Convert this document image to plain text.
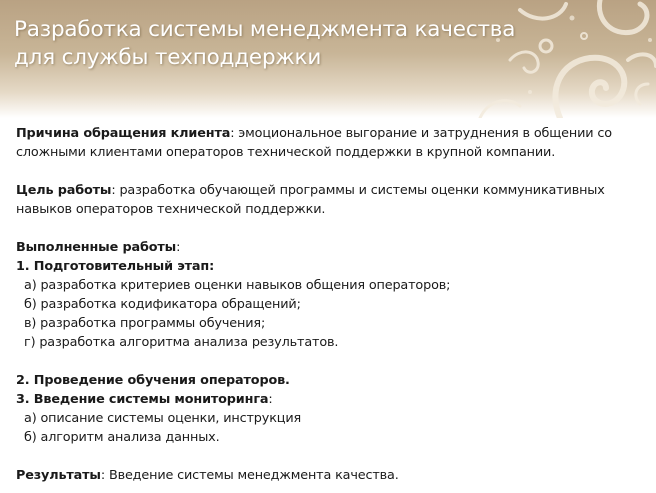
Разработка системы менеджмента качества
для службы техподдержки

Причина обращения клиента: эмоциональное выгорание и затруднения в общении со сложными клиентами операторов технической поддержки в крупной компании.

Цель работы: разработка обучающей программы и системы оценки коммуникативных навыков операторов технической поддержки.

Выполненные работы:

1. Подготовительный этап:

а) разработка критериев оценки навыков общения операторов;

б) разработка кодификатора обращений;

в) разработка программы обучения;

г) разработка алгоритма анализа результатов.

2. Проведение обучения операторов.

3. Введение системы мониторинга:

а) описание системы оценки, инструкция

б) алгоритм анализа данных.

Результаты: Введение системы менеджмента качества.
